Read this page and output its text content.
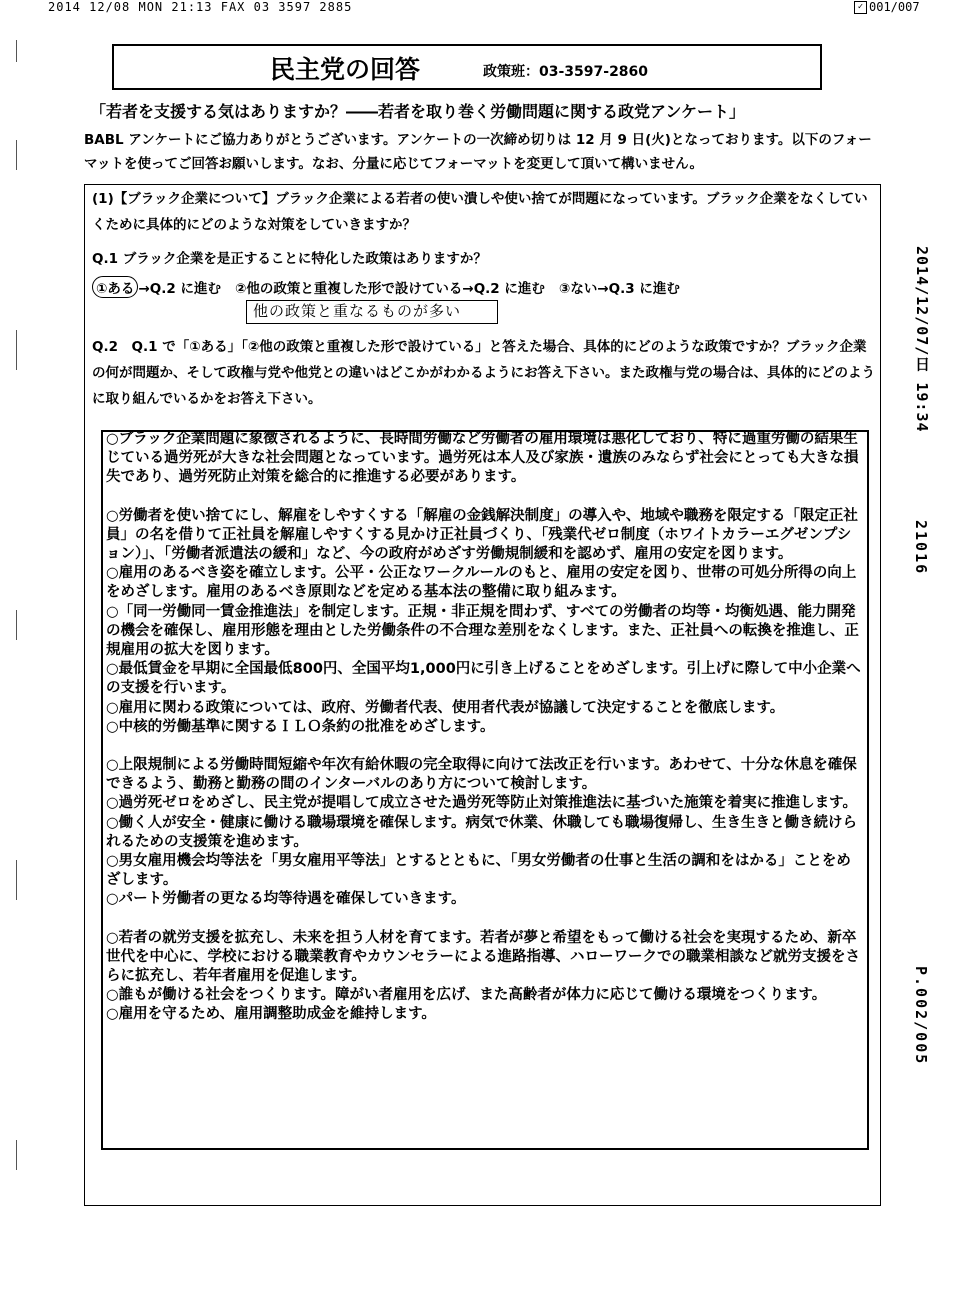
2014 12/08 MON 21:13 FAX 03 3597 2885	✓ 001/007
民主党の回答	政策班：03-3597-2860
「若者を支援する気はありますか？――若者を取り巻く労働問題に関する政党アンケート」
BABL アンケートにご協力ありがとうございます。アンケートの一次締め切りは 12 月 9 日(火)となっております。以下のフォーマットを使ってご回答お願いします。なお、分量に応じてフォーマットを変更して頂いて構いません。
(1)【ブラック企業について】ブラック企業による若者の使い潰しや使い捨てが問題になっています。ブラック企業をなくしていくために具体的にどのような対策をしていきますか？
Q.1 ブラック企業を是正することに特化した政策はありますか？
①ある →Q.2 に進む ②他の政策と重複した形で設けている→Q.2 に進む ③ない→Q.3 に進む
他の政策と重なるものが多い
Q.2　Q.1 で「①ある」「②他の政策と重複した形で設けている」と答えた場合、具体的にどのような政策ですか？ブラック企業の何が問題か、そして政権与党や他党との違いはどこかがわかるようにお答え下さい。また政権与党の場合は、具体的にどのように取り組んでいるかをお答え下さい。

○ブラック企業問題に象徴されるように、長時間労働など労働者の雇用環境は悪化しており、特に過重労働の結果生じている過労死が大きな社会問題となっています。過労死は本人及び家族・遺族のみならず社会にとっても大きな損失であり、過労死防止対策を総合的に推進する必要があります。

○労働者を使い捨てにし、解雇をしやすくする「解雇の金銭解決制度」の導入や、地域や職務を限定する「限定正社員」の名を借りて正社員を解雇しやすくする見かけ正社員づくり、「残業代ゼロ制度（ホワイトカラーエグゼンプション）」、「労働者派遣法の緩和」など、今の政府がめざす労働規制緩和を認めず、雇用の安定を図ります。

○雇用のあるべき姿を確立します。公平・公正なワークルールのもと、雇用の安定を図り、世帯の可処分所得の向上をめざします。雇用のあるべき原則などを定める基本法の整備に取り組みます。

○「同一労働同一賃金推進法」を制定します。正規・非正規を問わず、すべての労働者の均等・均衡処遇、能力開発の機会を確保し、雇用形態を理由とした労働条件の不合理な差別をなくします。また、正社員への転換を推進し、正規雇用の拡大を図ります。

○最低賃金を早期に全国最低800円、全国平均1,000円に引き上げることをめざします。引上げに際して中小企業への支援を行います。

○雇用に関わる政策については、政府、労働者代表、使用者代表が協議して決定することを徹底します。

○中核的労働基準に関するＩＬＯ条約の批准をめざします。

○上限規制による労働時間短縮や年次有給休暇の完全取得に向けて法改正を行います。あわせて、十分な休息を確保できるよう、勤務と勤務の間のインターバルのあり方について検討します。

○過労死ゼロをめざし、民主党が提唱して成立させた過労死等防止対策推進法に基づいた施策を着実に推進します。

○働く人が安全・健康に働ける職場環境を確保します。病気で休業、休職しても職場復帰し、生き生きと働き続けられるための支援策を進めます。

○男女雇用機会均等法を「男女雇用平等法」とするとともに、「男女労働者の仕事と生活の調和をはかる」ことをめざします。

○パート労働者の更なる均等待遇を確保していきます。

○若者の就労支援を拡充し、未来を担う人材を育てます。若者が夢と希望をもって働ける社会を実現するため、新卒世代を中心に、学校における職業教育やカウンセラーによる進路指導、ハローワークでの職業相談など就労支援をさらに拡充し、若年者雇用を促進します。

○誰もが働ける社会をつくります。障がい者雇用を広げ、また高齢者が体力に応じて働ける環境をつくります。

○雇用を守るため、雇用調整助成金を維持します。

2014/12/07/日 19:34
21016
P.002/005
